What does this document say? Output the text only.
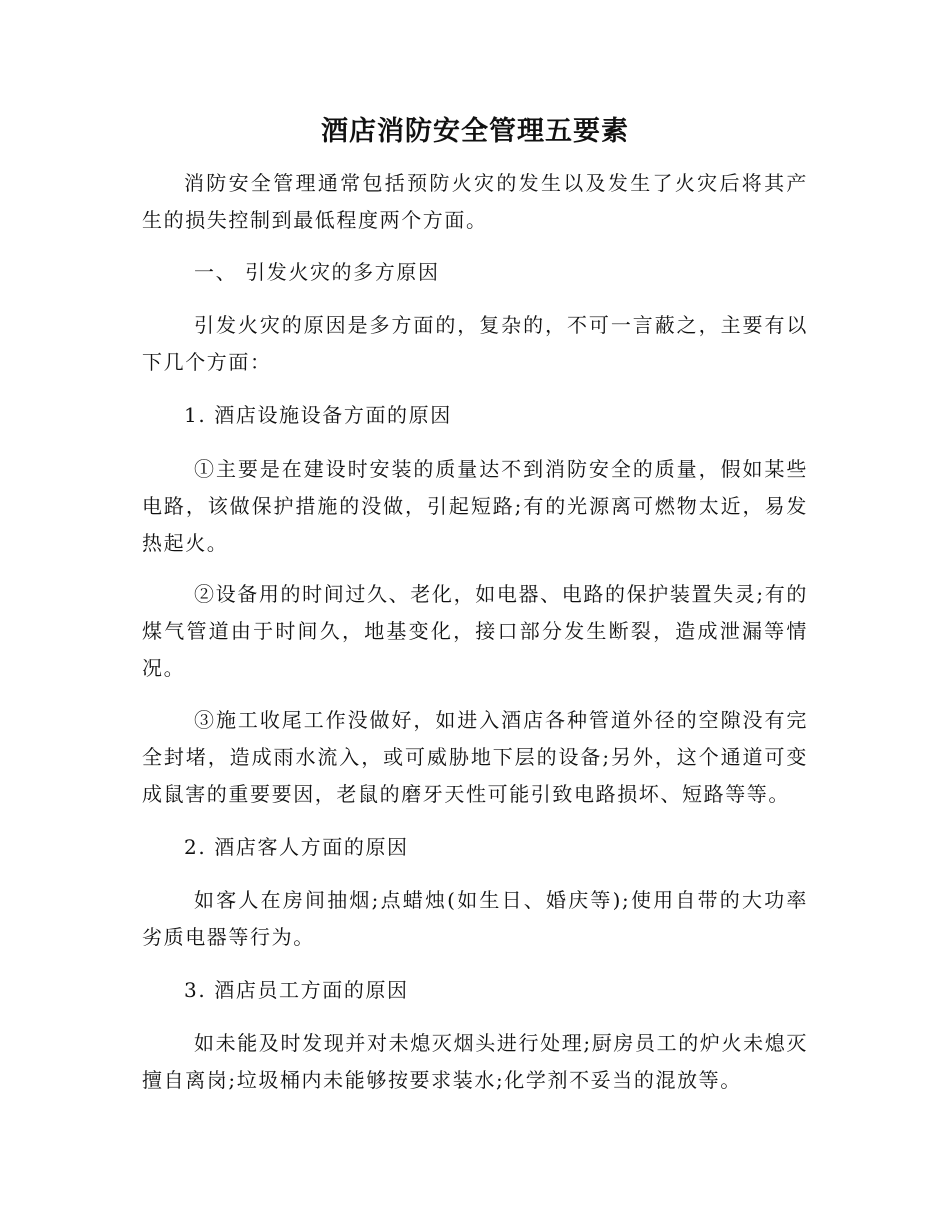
酒店消防安全管理五要素

消防安全管理通常包括预防火灾的发生以及发生了火灾后将其产生的损失控制到最低程度两个方面。

一、 引发火灾的多方原因

引发火灾的原因是多方面的，复杂的，不可一言蔽之，主要有以下几个方面：

1. 酒店设施设备方面的原因

①主要是在建设时安装的质量达不到消防安全的质量，假如某些电路，该做保护措施的没做，引起短路;有的光源离可燃物太近，易发热起火。

②设备用的时间过久、老化，如电器、电路的保护装置失灵;有的煤气管道由于时间久，地基变化，接口部分发生断裂，造成泄漏等情况。

③施工收尾工作没做好，如进入酒店各种管道外径的空隙没有完全封堵，造成雨水流入，或可威胁地下层的设备;另外，这个通道可变成鼠害的重要要因，老鼠的磨牙天性可能引致电路损坏、短路等等。

2. 酒店客人方面的原因

如客人在房间抽烟;点蜡烛(如生日、婚庆等);使用自带的大功率劣质电器等行为。

3. 酒店员工方面的原因

如未能及时发现并对未熄灭烟头进行处理;厨房员工的炉火未熄灭擅自离岗;垃圾桶内未能够按要求装水;化学剂不妥当的混放等。
